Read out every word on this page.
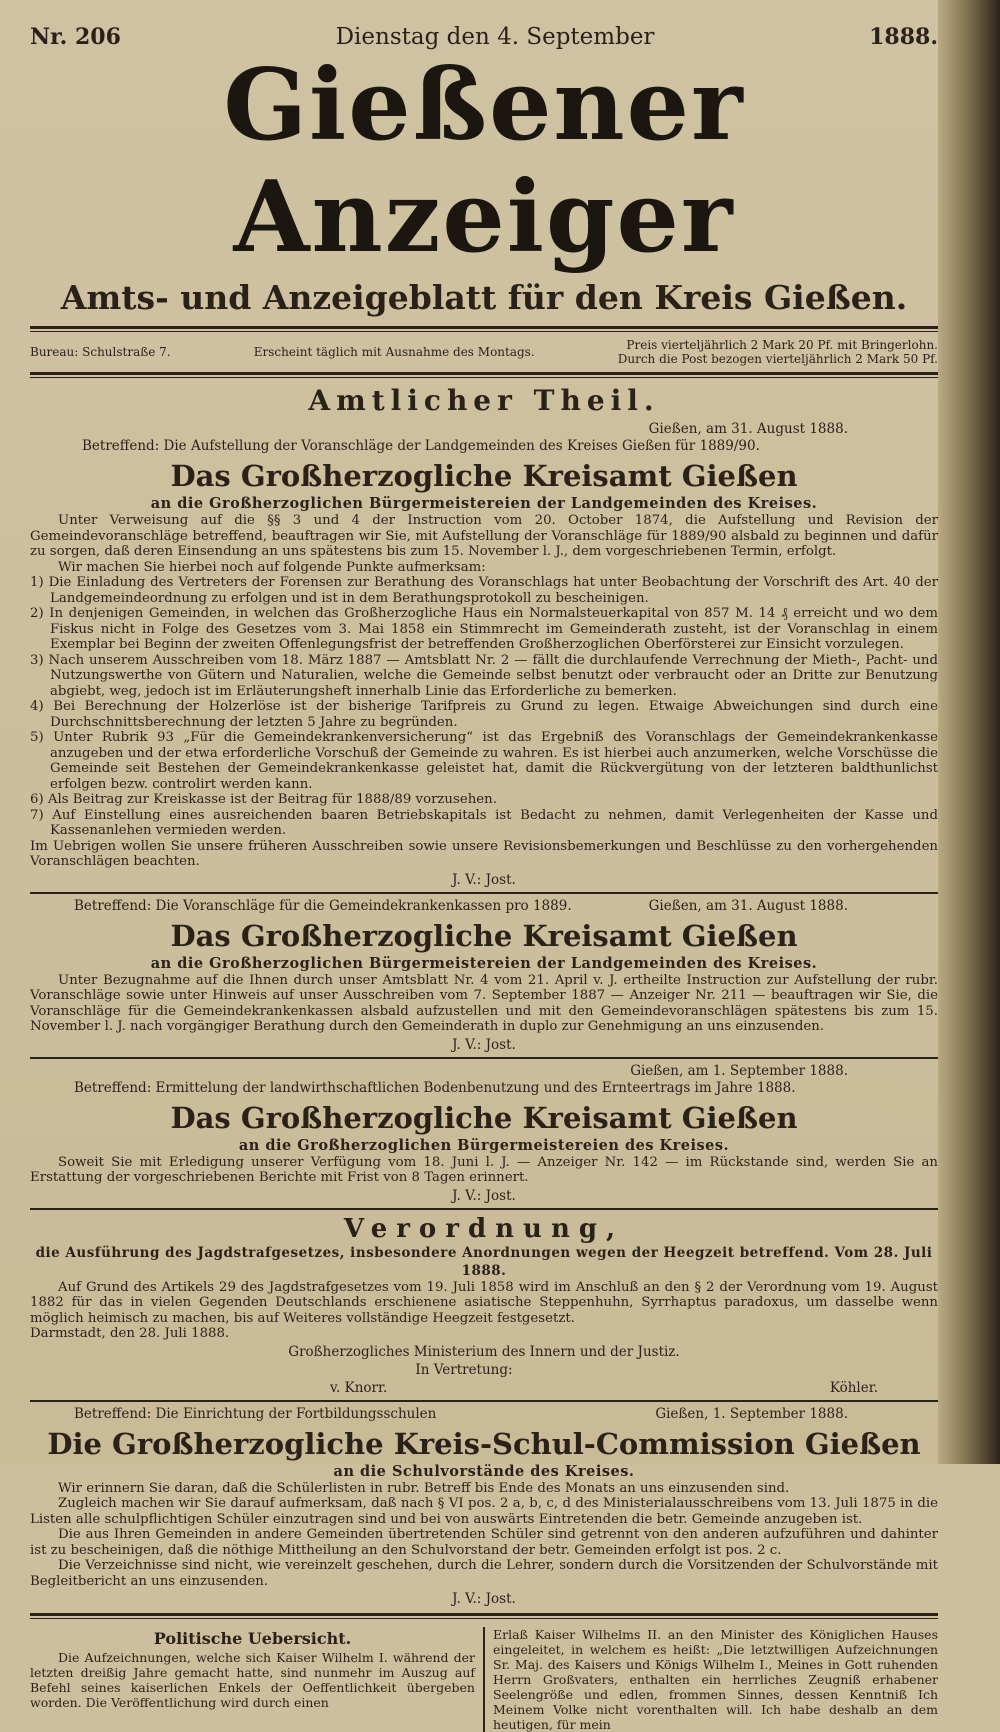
Nr. 206	Dienstag den 4. September	1888.
Gießener Anzeiger
Amts- und Anzeigeblatt für den Kreis Gießen.
Bureau: Schulstraße 7.	Erscheint täglich mit Ausnahme des Montags.	Preis vierteljährlich 2 Mark 20 Pf. mit Bringerlohn.
Durch die Post bezogen vierteljährlich 2 Mark 50 Pf.
Amtlicher Theil.
Gießen, am 31. August 1888.
Betreffend: Die Aufstellung der Voranschläge der Landgemeinden des Kreises Gießen für 1889/90.
Das Großherzogliche Kreisamt Gießen
an die Großherzoglichen Bürgermeistereien der Landgemeinden des Kreises.

Unter Verweisung auf die §§ 3 und 4 der Instruction vom 20. October 1874, die Aufstellung und Revision der Gemeindevoranschläge betreffend, beauftragen wir Sie, mit Aufstellung der Voranschläge für 1889/90 alsbald zu beginnen und dafür zu sorgen, daß deren Einsendung an uns spätestens bis zum 15. November l. J., dem vorgeschriebenen Termin, erfolgt.

Wir machen Sie hierbei noch auf folgende Punkte aufmerksam:

1) Die Einladung des Vertreters der Forensen zur Berathung des Voranschlags hat unter Beobachtung der Vorschrift des Art. 40 der Landgemeindeordnung zu erfolgen und ist in dem Berathungsprotokoll zu bescheinigen.

2) In denjenigen Gemeinden, in welchen das Großherzogliche Haus ein Normalsteuerkapital von 857 M. 14 ₰ erreicht und wo dem Fiskus nicht in Folge des Gesetzes vom 3. Mai 1858 ein Stimmrecht im Gemeinderath zusteht, ist der Voranschlag in einem Exemplar bei Beginn der zweiten Offenlegungsfrist der betreffenden Großherzoglichen Oberförsterei zur Einsicht vorzulegen.

3) Nach unserem Ausschreiben vom 18. März 1887 — Amtsblatt Nr. 2 — fällt die durchlaufende Verrechnung der Mieth-, Pacht- und Nutzungswerthe von Gütern und Naturalien, welche die Gemeinde selbst benutzt oder verbraucht oder an Dritte zur Benutzung abgiebt, weg, jedoch ist im Erläuterungsheft innerhalb Linie das Erforderliche zu bemerken.

4) Bei Berechnung der Holzerlöse ist der bisherige Tarifpreis zu Grund zu legen. Etwaige Abweichungen sind durch eine Durchschnittsberechnung der letzten 5 Jahre zu begründen.

5) Unter Rubrik 93 „Für die Gemeindekrankenversicherung“ ist das Ergebniß des Voranschlags der Gemeindekrankenkasse anzugeben und der etwa erforderliche Vorschuß der Gemeinde zu wahren. Es ist hierbei auch anzumerken, welche Vorschüsse die Gemeinde seit Bestehen der Gemeindekrankenkasse geleistet hat, damit die Rückvergütung von der letzteren baldthunlichst erfolgen bezw. controlirt werden kann.

6) Als Beitrag zur Kreiskasse ist der Beitrag für 1888/89 vorzusehen.

7) Auf Einstellung eines ausreichenden baaren Betriebskapitals ist Bedacht zu nehmen, damit Verlegenheiten der Kasse und Kassenanlehen vermieden werden.

Im Uebrigen wollen Sie unsere früheren Ausschreiben sowie unsere Revisionsbemerkungen und Beschlüsse zu den vorhergehenden Voranschlägen beachten.

J. V.: Jost.
Betreffend: Die Voranschläge für die Gemeindekrankenkassen pro 1889.	Gießen, am 31. August 1888.
Das Großherzogliche Kreisamt Gießen
an die Großherzoglichen Bürgermeistereien der Landgemeinden des Kreises.

Unter Bezugnahme auf die Ihnen durch unser Amtsblatt Nr. 4 vom 21. April v. J. ertheilte Instruction zur Aufstellung der rubr. Voranschläge sowie unter Hinweis auf unser Ausschreiben vom 7. September 1887 — Anzeiger Nr. 211 — beauftragen wir Sie, die Voranschläge für die Gemeindekrankenkassen alsbald aufzustellen und mit den Gemeindevoranschlägen spätestens bis zum 15. November l. J. nach vorgängiger Berathung durch den Gemeinderath in duplo zur Genehmigung an uns einzusenden.

J. V.: Jost.
Gießen, am 1. September 1888.
Betreffend: Ermittelung der landwirthschaftlichen Bodenbenutzung und des Ernteertrags im Jahre 1888.
Das Großherzogliche Kreisamt Gießen
an die Großherzoglichen Bürgermeistereien des Kreises.

Soweit Sie mit Erledigung unserer Verfügung vom 18. Juni l. J. — Anzeiger Nr. 142 — im Rückstande sind, werden Sie an Erstattung der vorgeschriebenen Berichte mit Frist von 8 Tagen erinnert.

J. V.: Jost.
Verordnung,
die Ausführung des Jagdstrafgesetzes, insbesondere Anordnungen wegen der Heegzeit betreffend. Vom 28. Juli 1888.

Auf Grund des Artikels 29 des Jagdstrafgesetzes vom 19. Juli 1858 wird im Anschluß an den § 2 der Verordnung vom 19. August 1882 für das in vielen Gegenden Deutschlands erschienene asiatische Steppenhuhn, Syrrhaptus paradoxus, um dasselbe wenn möglich heimisch zu machen, bis auf Weiteres vollständige Heegzeit festgesetzt.

Darmstadt, den 28. Juli 1888.

Großherzogliches Ministerium des Innern und der Justiz.
In Vertretung:
v. Knorr.	Köhler.
Betreffend: Die Einrichtung der Fortbildungsschulen	Gießen, 1. September 1888.
Die Großherzogliche Kreis-Schul-Commission Gießen
an die Schulvorstände des Kreises.

Wir erinnern Sie daran, daß die Schülerlisten in rubr. Betreff bis Ende des Monats an uns einzusenden sind.

Zugleich machen wir Sie darauf aufmerksam, daß nach § VI pos. 2 a, b, c, d des Ministerialausschreibens vom 13. Juli 1875 in die Listen alle schulpflichtigen Schüler einzutragen sind und bei von auswärts Eintretenden die betr. Gemeinde anzugeben ist.

Die aus Ihren Gemeinden in andere Gemeinden übertretenden Schüler sind getrennt von den anderen aufzuführen und dahinter ist zu bescheinigen, daß die nöthige Mittheilung an den Schulvorstand der betr. Gemeinden erfolgt ist pos. 2 c.

Die Verzeichnisse sind nicht, wie vereinzelt geschehen, durch die Lehrer, sondern durch die Vorsitzenden der Schulvorstände mit Begleitbericht an uns einzusenden.

J. V.: Jost.
Politische Uebersicht.
Die Aufzeichnungen, welche sich Kaiser Wilhelm I. während der letzten dreißig Jahre gemacht hatte, sind nunmehr im Auszug auf Befehl seines kaiserlichen Enkels der Oeffentlichkeit übergeben worden. Die Veröffentlichung wird durch einen
Erlaß Kaiser Wilhelms II. an den Minister des Königlichen Hauses eingeleitet, in welchem es heißt: „Die letztwilligen Aufzeichnungen Sr. Maj. des Kaisers und Königs Wilhelm I., Meines in Gott ruhenden Herrn Großvaters, enthalten ein herrliches Zeugniß erhabener Seelengröße und edlen, frommen Sinnes, dessen Kenntniß Ich Meinem Volke nicht vorenthalten will. Ich habe deshalb an dem heutigen, für mein
